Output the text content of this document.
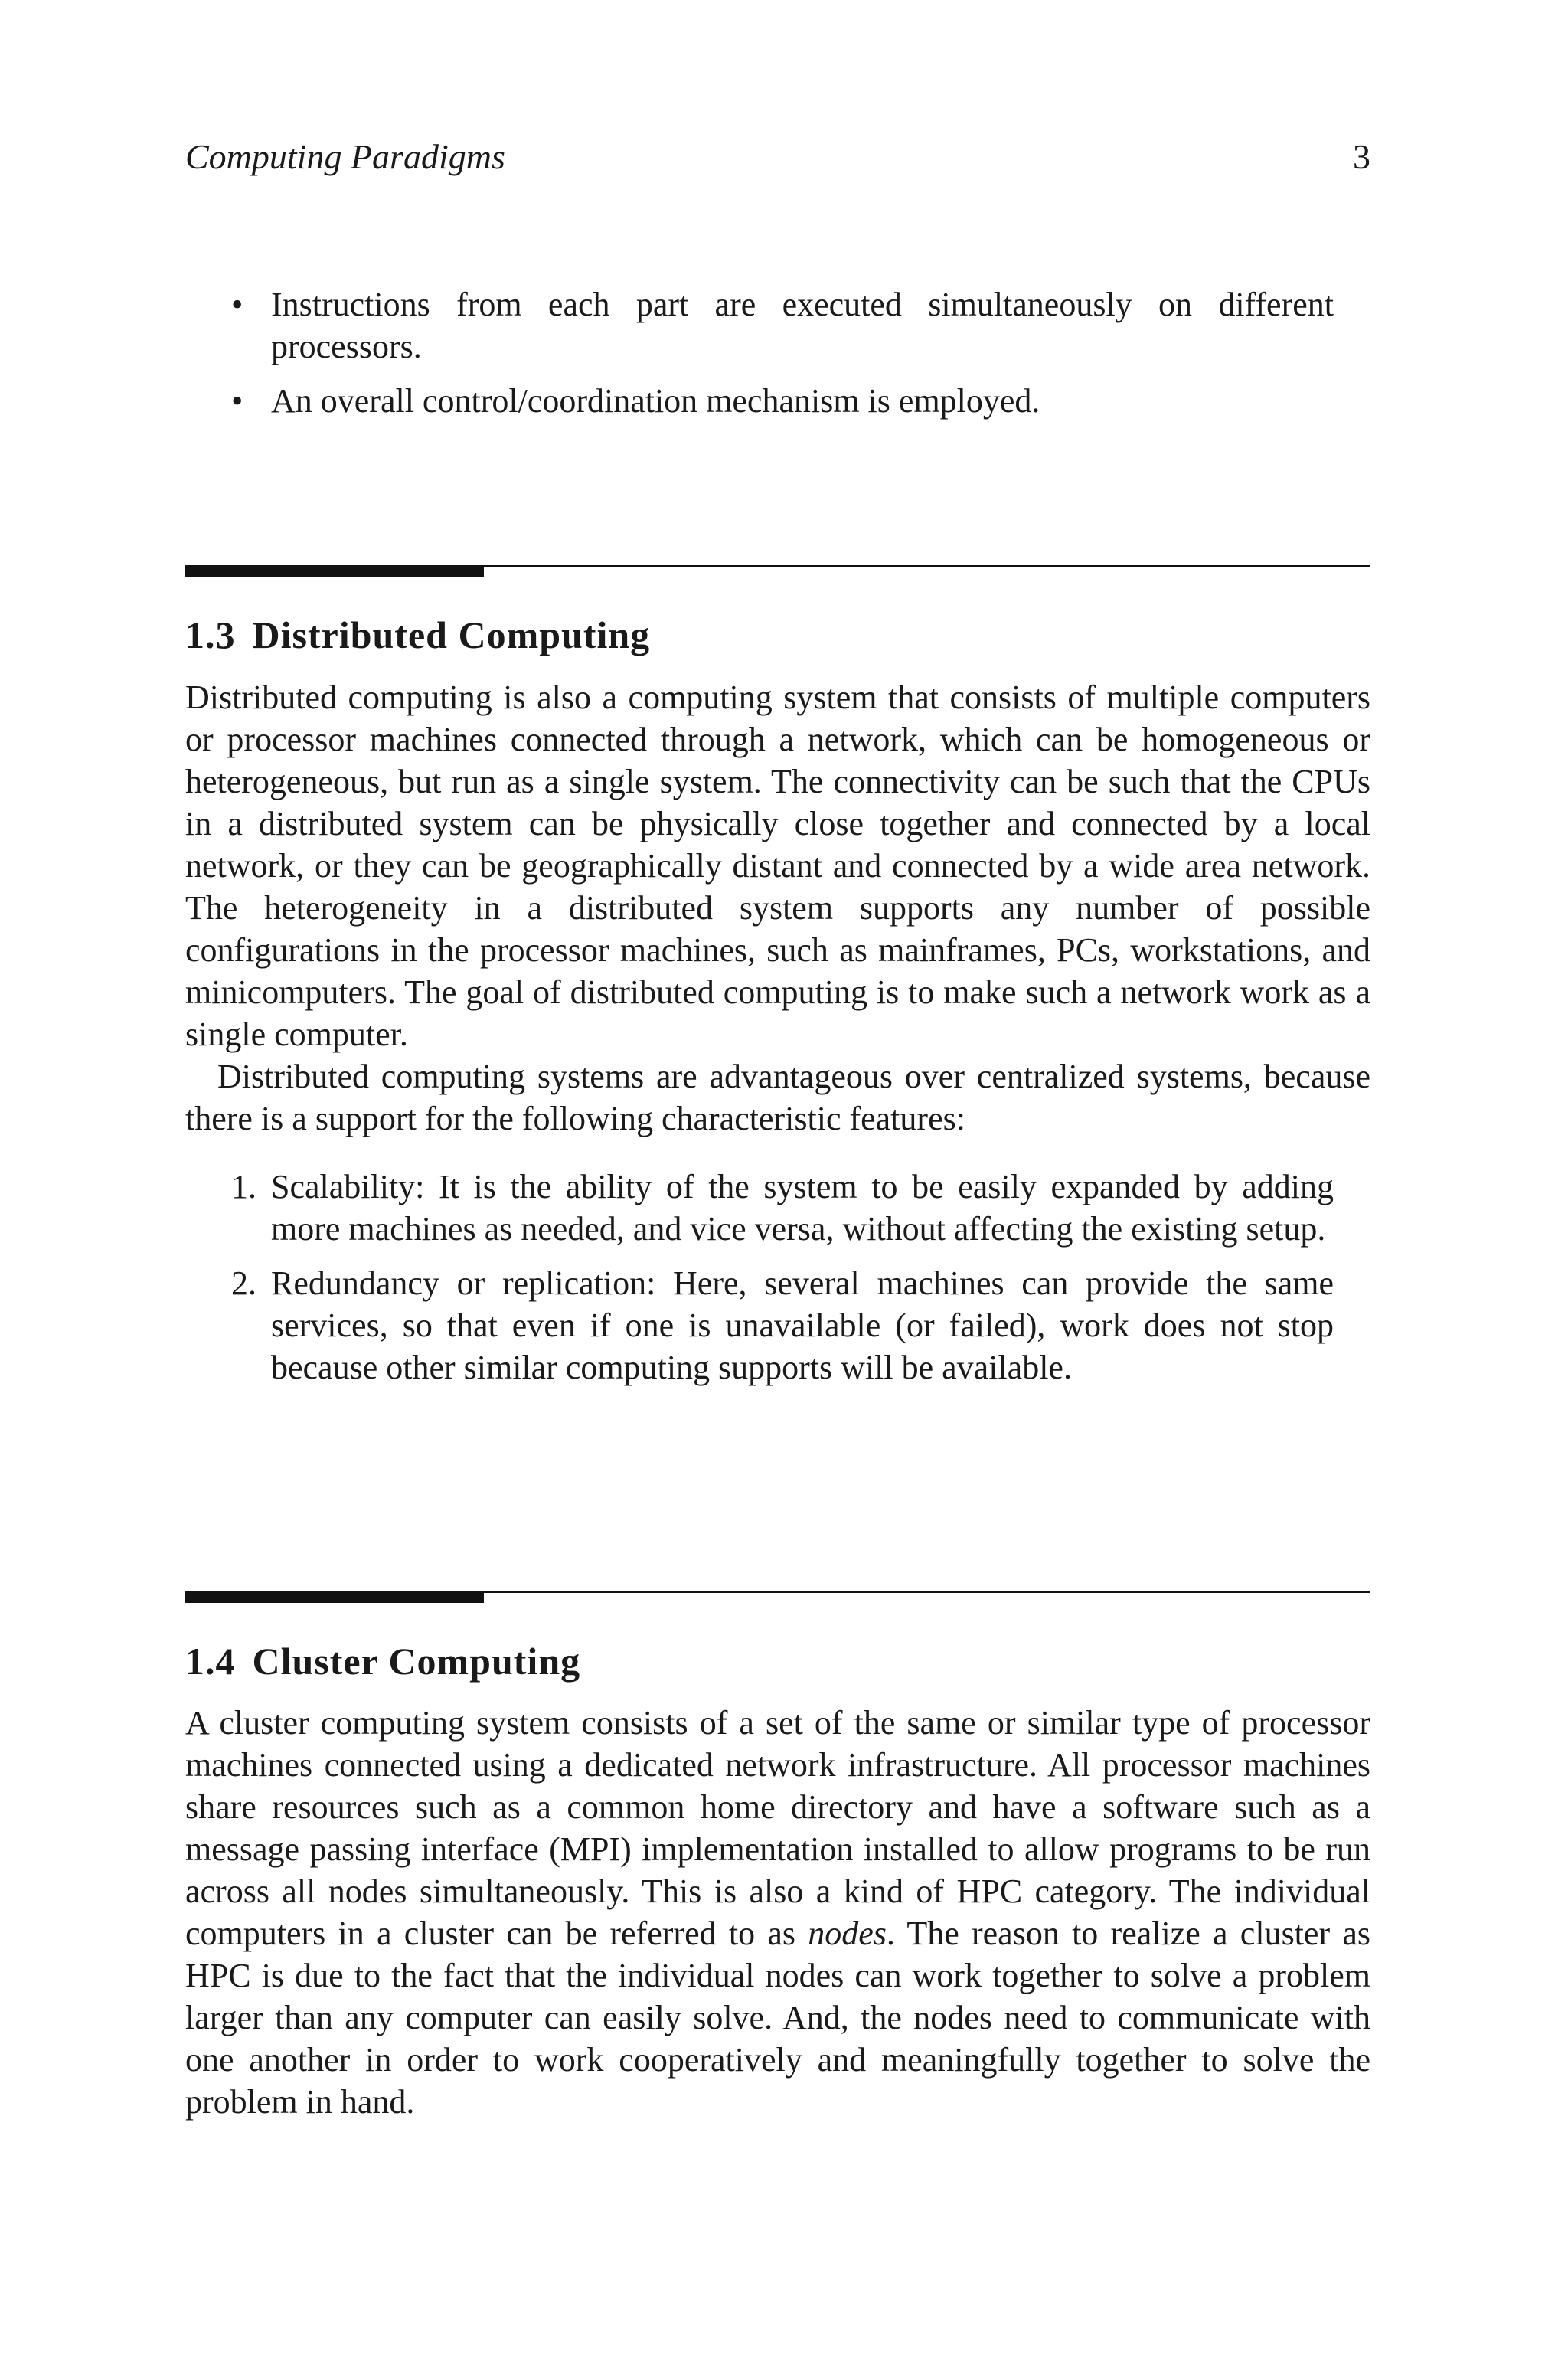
Computing Paradigms	3
• Instructions from each part are executed simultaneously on different processors.
• An overall control/coordination mechanism is employed.
1.3 Distributed Computing

Distributed computing is also a computing system that consists of multiple computers or processor machines connected through a network, which can be homogeneous or heterogeneous, but run as a single system. The connectivity can be such that the CPUs in a distributed system can be physically close together and connected by a local network, or they can be geographically distant and connected by a wide area network. The heterogeneity in a distributed system supports any number of possible configurations in the processor machines, such as mainframes, PCs, workstations, and minicomputers. The goal of distributed computing is to make such a network work as a single computer.

Distributed computing systems are advantageous over centralized systems, because there is a support for the following characteristic features:

1. Scalability: It is the ability of the system to be easily expanded by adding more machines as needed, and vice versa, without affecting the existing setup.
2. Redundancy or replication: Here, several machines can provide the same services, so that even if one is unavailable (or failed), work does not stop because other similar computing supports will be available.
1.4 Cluster Computing

A cluster computing system consists of a set of the same or similar type of processor machines connected using a dedicated network infrastructure. All processor machines share resources such as a common home directory and have a software such as a message passing interface (MPI) implementation installed to allow programs to be run across all nodes simultaneously. This is also a kind of HPC category. The individual computers in a cluster can be referred to as nodes. The reason to realize a cluster as HPC is due to the fact that the individual nodes can work together to solve a problem larger than any computer can easily solve. And, the nodes need to communicate with one another in order to work cooperatively and meaningfully together to solve the problem in hand.
